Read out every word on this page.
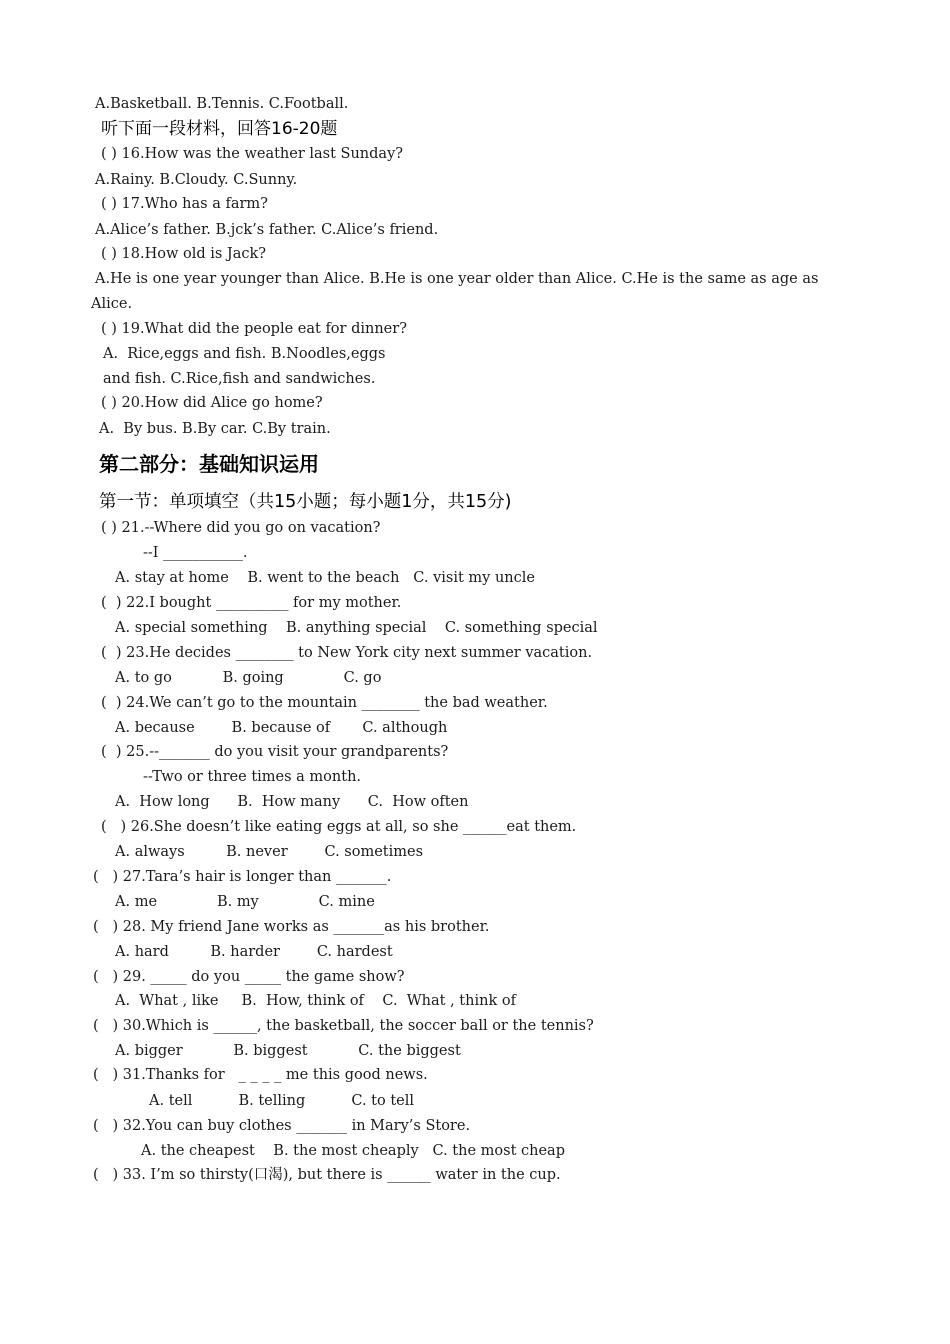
A.Basketball. B.Tennis. C.Football.
听下面一段材料，回答16-20题
( ) 16.How was the weather last Sunday?
A.Rainy. B.Cloudy. C.Sunny.
( ) 17.Who has a farm?
A.Alice’s father. B.jck’s father. C.Alice’s friend.
( ) 18.How old is Jack?
A.He is one year younger than Alice. B.He is one year older than Alice. C.He is the same as age as
Alice.
( ) 19.What did the people eat for dinner?
A.  Rice,eggs and fish. B.Noodles,eggs
and fish. C.Rice,fish and sandwiches.
( ) 20.How did Alice go home?
A.  By bus. B.By car. C.By train.
第二部分：基础知识运用
第一节：单项填空（共15小题；每小题1分，共15分)
( ) 21.--Where did you go on vacation?
--I ___________.
A. stay at home    B. went to the beach   C. visit my uncle
(  ) 22.I bought __________ for my mother.
A. special something    B. anything special    C. something special
(  ) 23.He decides ________ to New York city next summer vacation.
A. to go           B. going             C. go
(  ) 24.We can’t go to the mountain ________ the bad weather.
A. because        B. because of       C. although
(  ) 25.--_______ do you visit your grandparents?
--Two or three times a month.
A.  How long      B.  How many      C.  How often
(   ) 26.She doesn’t like eating eggs at all, so she ______eat them.
A. always         B. never        C. sometimes
(   ) 27.Tara’s hair is longer than _______.
A. me             B. my             C. mine
(   ) 28. My friend Jane works as _______as his brother.
A. hard         B. harder        C. hardest
(   ) 29. _____ do you _____ the game show?
A.  What , like     B.  How, think of    C.  What , think of
(   ) 30.Which is ______, the basketball, the soccer ball or the tennis?
A. bigger           B. biggest           C. the biggest
(   ) 31.Thanks for   _ _ _ _ me this good news.
A. tell          B. telling          C. to tell
(   ) 32.You can buy clothes _______ in Mary’s Store.
A. the cheapest    B. the most cheaply   C. the most cheap
(   ) 33. I’m so thirsty(口渴), but there is ______ water in the cup.
